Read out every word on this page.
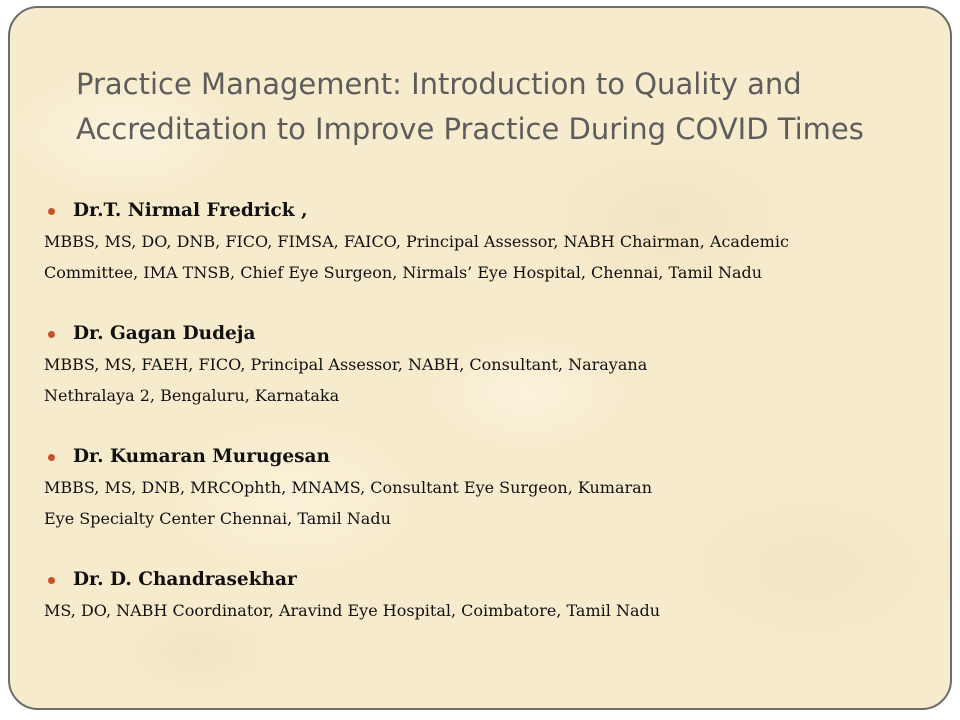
Practice Management: Introduction to Quality and
Accreditation to Improve Practice During COVID Times
Dr.T. Nirmal Fredrick ,
MBBS, MS, DO, DNB, FICO, FIMSA, FAICO, Principal Assessor, NABH Chairman, Academic
Committee, IMA TNSB, Chief Eye Surgeon, Nirmals’ Eye Hospital, Chennai, Tamil Nadu
Dr. Gagan Dudeja
MBBS, MS, FAEH, FICO, Principal Assessor, NABH, Consultant, Narayana
Nethralaya 2, Bengaluru, Karnataka
Dr. Kumaran Murugesan
MBBS, MS, DNB, MRCOphth, MNAMS, Consultant Eye Surgeon, Kumaran
Eye Specialty Center Chennai, Tamil Nadu
Dr. D. Chandrasekhar
MS, DO, NABH Coordinator, Aravind Eye Hospital, Coimbatore, Tamil Nadu
